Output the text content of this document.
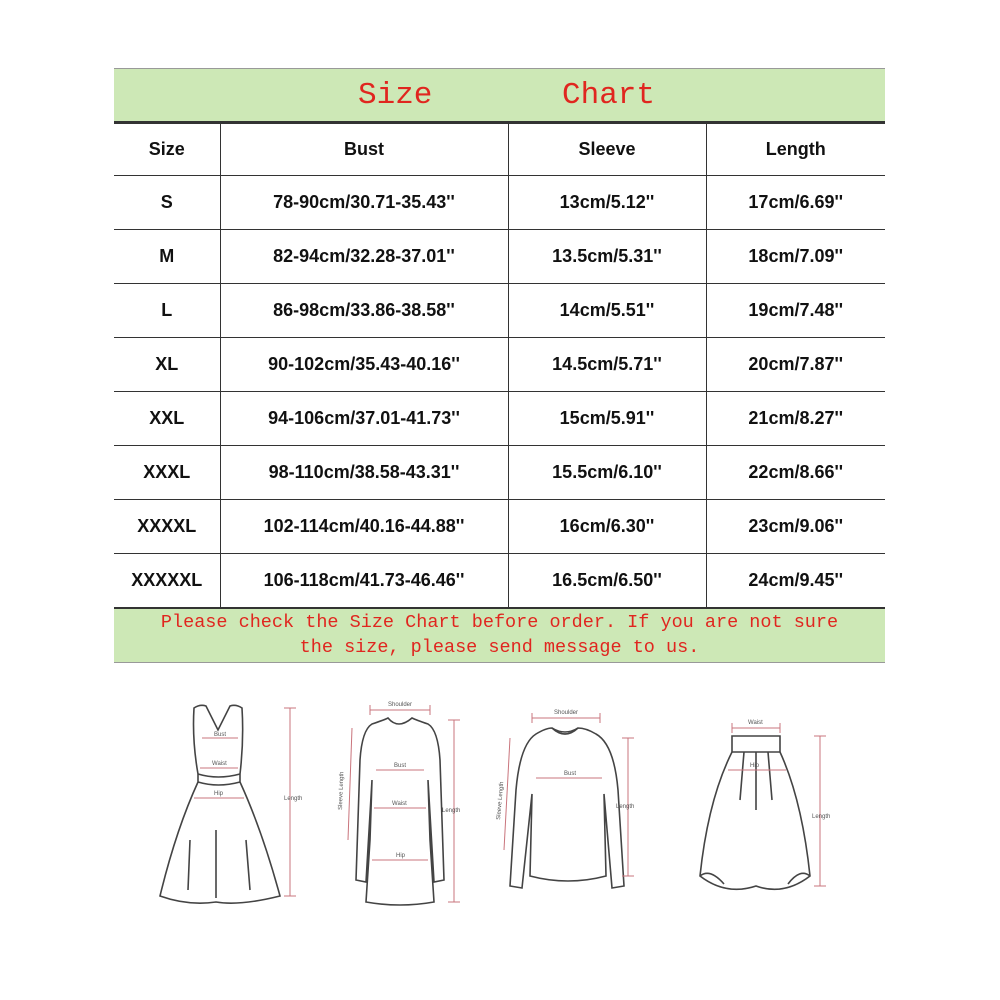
Size	Chart
Size	Bust	Sleeve	Length
S	78-90cm/30.71-35.43''	13cm/5.12''	17cm/6.69''
M	82-94cm/32.28-37.01''	13.5cm/5.31''	18cm/7.09''
L	86-98cm/33.86-38.58''	14cm/5.51''	19cm/7.48''
XL	90-102cm/35.43-40.16''	14.5cm/5.71''	20cm/7.87''
XXL	94-106cm/37.01-41.73''	15cm/5.91''	21cm/8.27''
XXXL	98-110cm/38.58-43.31''	15.5cm/6.10''	22cm/8.66''
XXXXL	102-114cm/40.16-44.88''	16cm/6.30''	23cm/9.06''
XXXXXL	106-118cm/41.73-46.46''	16.5cm/6.50''	24cm/9.45''
Please check the Size Chart before order. If you are not sure
the size, please send message to us.
Bust
Waist
Hip
Length
Shoulder
Sleeve Length
Bust
Waist
Hip
Length
Shoulder
Sleeve Length
Bust
Length
Waist
Hip
Length
